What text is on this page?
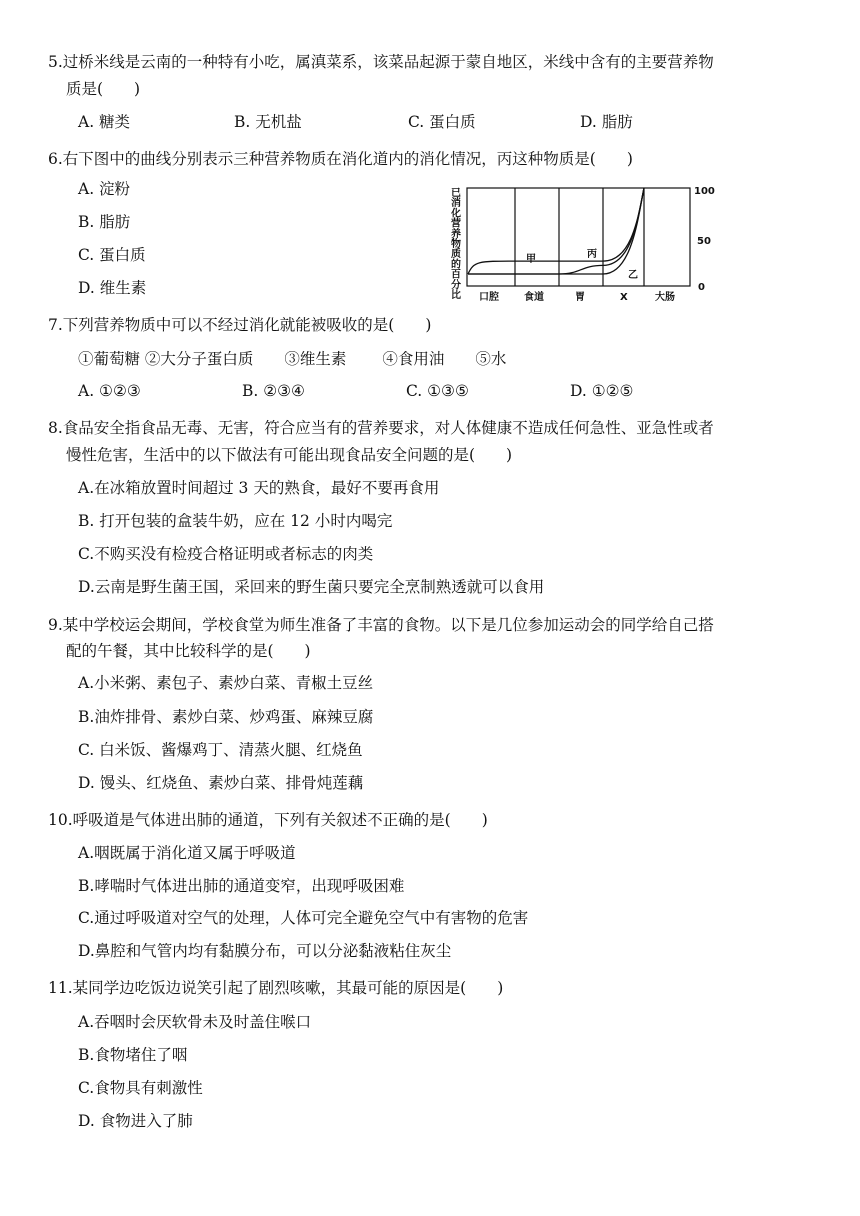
5.过桥米线是云南的一种特有小吃，属滇菜系，该菜品起源于蒙自地区，米线中含有的主要营养物
质是(　　)
A. 糖类	B. 无机盐	C. 蛋白质	D. 脂肪
6.右下图中的曲线分别表示三种营养物质在消化道内的消化情况，丙这种物质是(　　)
A. 淀粉
B. 脂肪
C. 蛋白质
D. 维生素
已
消
化
营
养
物
质
的
百
分
比
甲	丙
乙
100
50
0
口腔	食道	胃	X	大肠
7.下列营养物质中可以不经过消化就能被吸收的是(　　)
①葡萄糖 ②大分子蛋白质　　③维生素　　 ④食用油　　⑤水
A. ①②③	B. ②③④	C. ①③⑤	D. ①②⑤
8.食品安全指食品无毒、无害，符合应当有的营养要求，对人体健康不造成任何急性、亚急性或者
慢性危害，生活中的以下做法有可能出现食品安全问题的是(　　)
A.在冰箱放置时间超过 3 天的熟食，最好不要再食用
B. 打开包装的盒装牛奶，应在 12 小时内喝完
C.不购买没有检疫合格证明或者标志的肉类
D.云南是野生菌王国，采回来的野生菌只要完全烹制熟透就可以食用
9.某中学校运会期间，学校食堂为师生准备了丰富的食物。以下是几位参加运动会的同学给自己搭
配的午餐，其中比较科学的是(　　)
A.小米粥、素包子、素炒白菜、青椒土豆丝
B.油炸排骨、素炒白菜、炒鸡蛋、麻辣豆腐
C. 白米饭、酱爆鸡丁、清蒸火腿、红烧鱼
D. 馒头、红烧鱼、素炒白菜、排骨炖莲藕
10.呼吸道是气体进出肺的通道，下列有关叙述不正确的是(　　)
A.咽既属于消化道又属于呼吸道
B.哮喘时气体进出肺的通道变窄，出现呼吸困难
C.通过呼吸道对空气的处理，人体可完全避免空气中有害物的危害
D.鼻腔和气管内均有黏膜分布，可以分泌黏液粘住灰尘
11.某同学边吃饭边说笑引起了剧烈咳嗽，其最可能的原因是(　　)
A.吞咽时会厌软骨未及时盖住喉口
B.食物堵住了咽
C.食物具有刺激性
D. 食物进入了肺
